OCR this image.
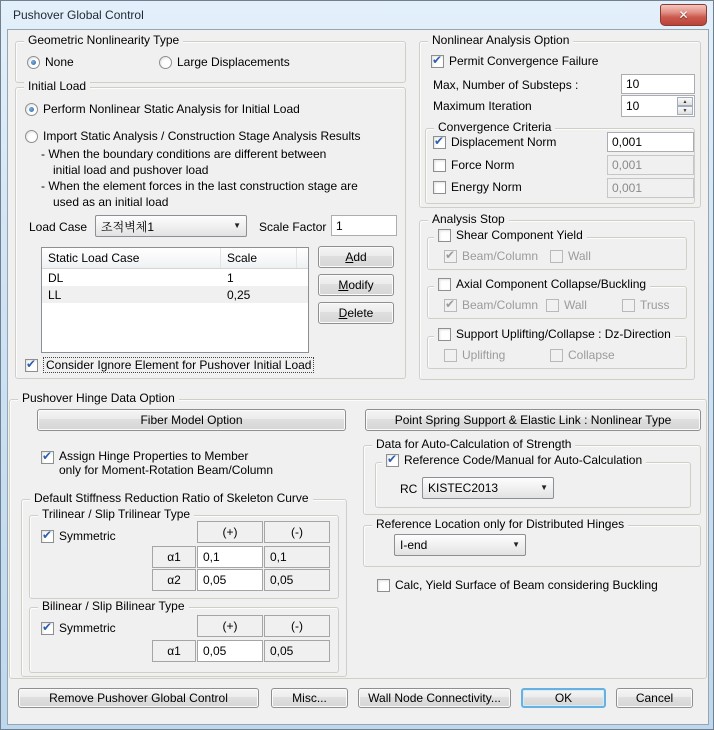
Pushover Global Control	✕
Geometric Nonlinearity Type
None	Large Displacements
Initial Load
Perform Nonlinear Static Analysis for Initial Load
Import Static Analysis / Construction Stage Analysis Results
- When the boundary conditions are different between
initial load and pushover load
- When the element forces in the last construction stage are
used as an initial load
Load Case 조적벽체1	▼ Scale Factor 1
Static Load Case	Scale
DL	1
LL	0,25
Add
Modify
Delete
✔
Consider Ignore Element for Pushover Initial Load
Nonlinear Analysis Option
✔
Permit Convergence Failure
Max, Number of Substeps :	10
Maximum Iteration	10	▲
▼
Convergence Criteria
✔
Displacement Norm	0,001
Force Norm	0,001
Energy Norm	0,001
Analysis Stop
Shear Component Yield
✔
Beam/Column Wall
Axial Component Collapse/Buckling
✔
Beam/Column Wall	Truss
Support Uplifting/Collapse : Dz-Direction
Uplifting	Collapse
Pushover Hinge Data Option
Fiber Model Option
✔
Assign Hinge Properties to Member
only for Moment-Rotation Beam/Column
Default Stiffness Reduction Ratio of Skeleton Curve
Trilinear / Slip Trilinear Type
✔
Symmetric	(+)	(-)
α1	0,1	0,1
α2	0,05	0,05
Bilinear / Slip Bilinear Type
✔
Symmetric	(+)	(-)
α1	0,05	0,05
Point Spring Support & Elastic Link : Nonlinear Type
Data for Auto-Calculation of Strength
✔
Reference Code/Manual for Auto-Calculation
RC KISTEC2013	▼
Reference Location only for Distributed Hinges
I-end	▼
Calc, Yield Surface of Beam considering Buckling
Remove Pushover Global Control	Misc...	Wall Node Connectivity...	OK	Cancel
